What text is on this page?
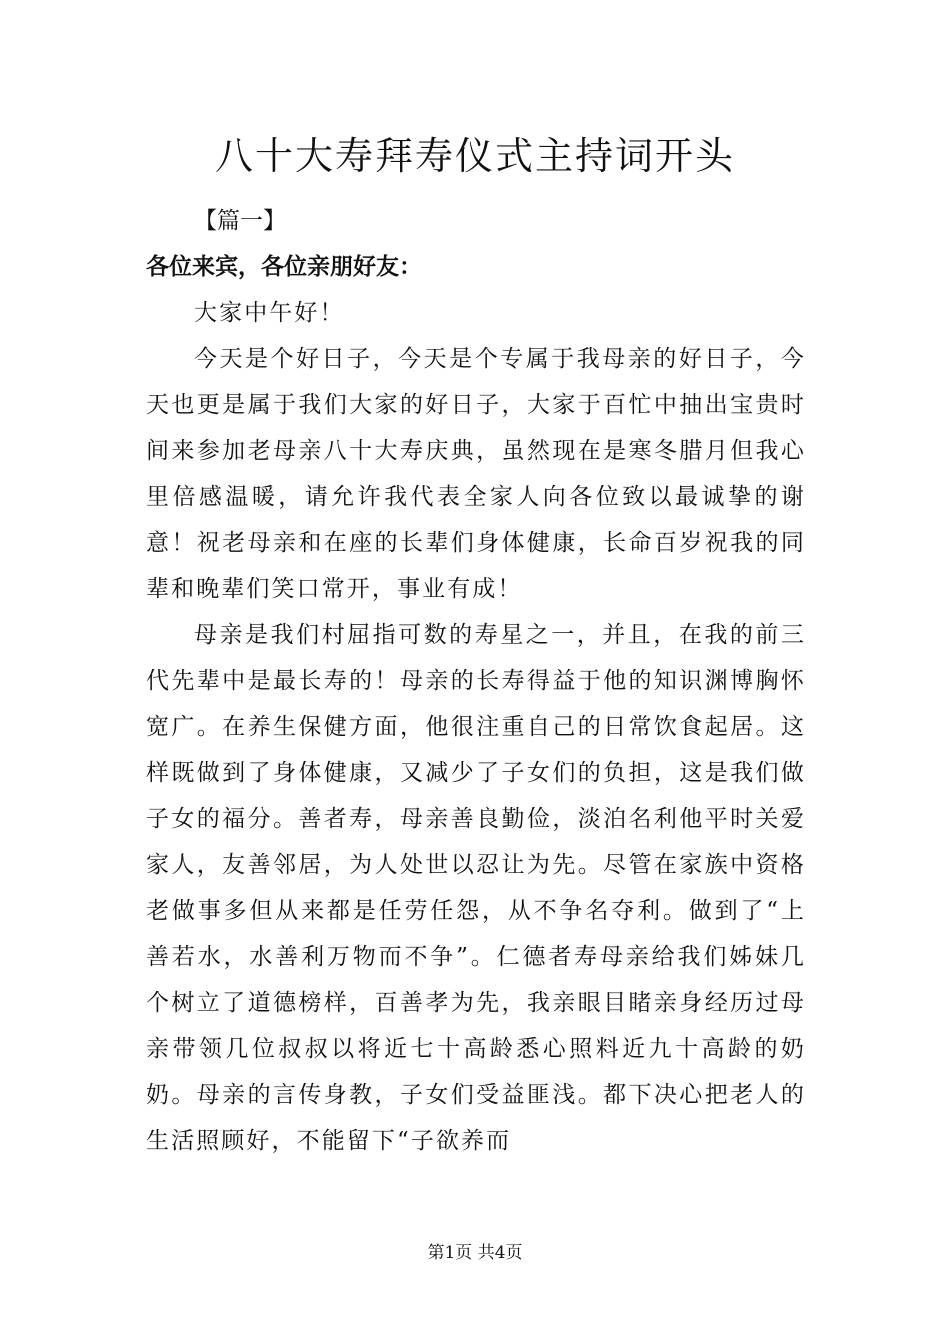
八十大寿拜寿仪式主持词开头

【篇一】

各位来宾，各位亲朋好友：

大家中午好！

今天是个好日子，今天是个专属于我母亲的好日子，今天也更是属于我们大家的好日子，大家于百忙中抽出宝贵时间来参加老母亲八十大寿庆典，虽然现在是寒冬腊月但我心里倍感温暖，请允许我代表全家人向各位致以最诚挚的谢意！祝老母亲和在座的长辈们身体健康，长命百岁祝我的同辈和晚辈们笑口常开，事业有成！

母亲是我们村屈指可数的寿星之一，并且，在我的前三代先辈中是最长寿的！母亲的长寿得益于他的知识渊博胸怀宽广。在养生保健方面，他很注重自己的日常饮食起居。这样既做到了身体健康，又减少了子女们的负担，这是我们做子女的福分。善者寿，母亲善良勤俭，淡泊名利他平时关爱家人，友善邻居，为人处世以忍让为先。尽管在家族中资格老做事多但从来都是任劳任怨，从不争名夺利。做到了“上善若水，水善利万物而不争”。仁德者寿母亲给我们姊妹几个树立了道德榜样，百善孝为先，我亲眼目睹亲身经历过母亲带领几位叔叔以将近七十高龄悉心照料近九十高龄的奶奶。母亲的言传身教，子女们受益匪浅。都下决心把老人的生活照顾好，不能留下“子欲养而

第1页 共4页
